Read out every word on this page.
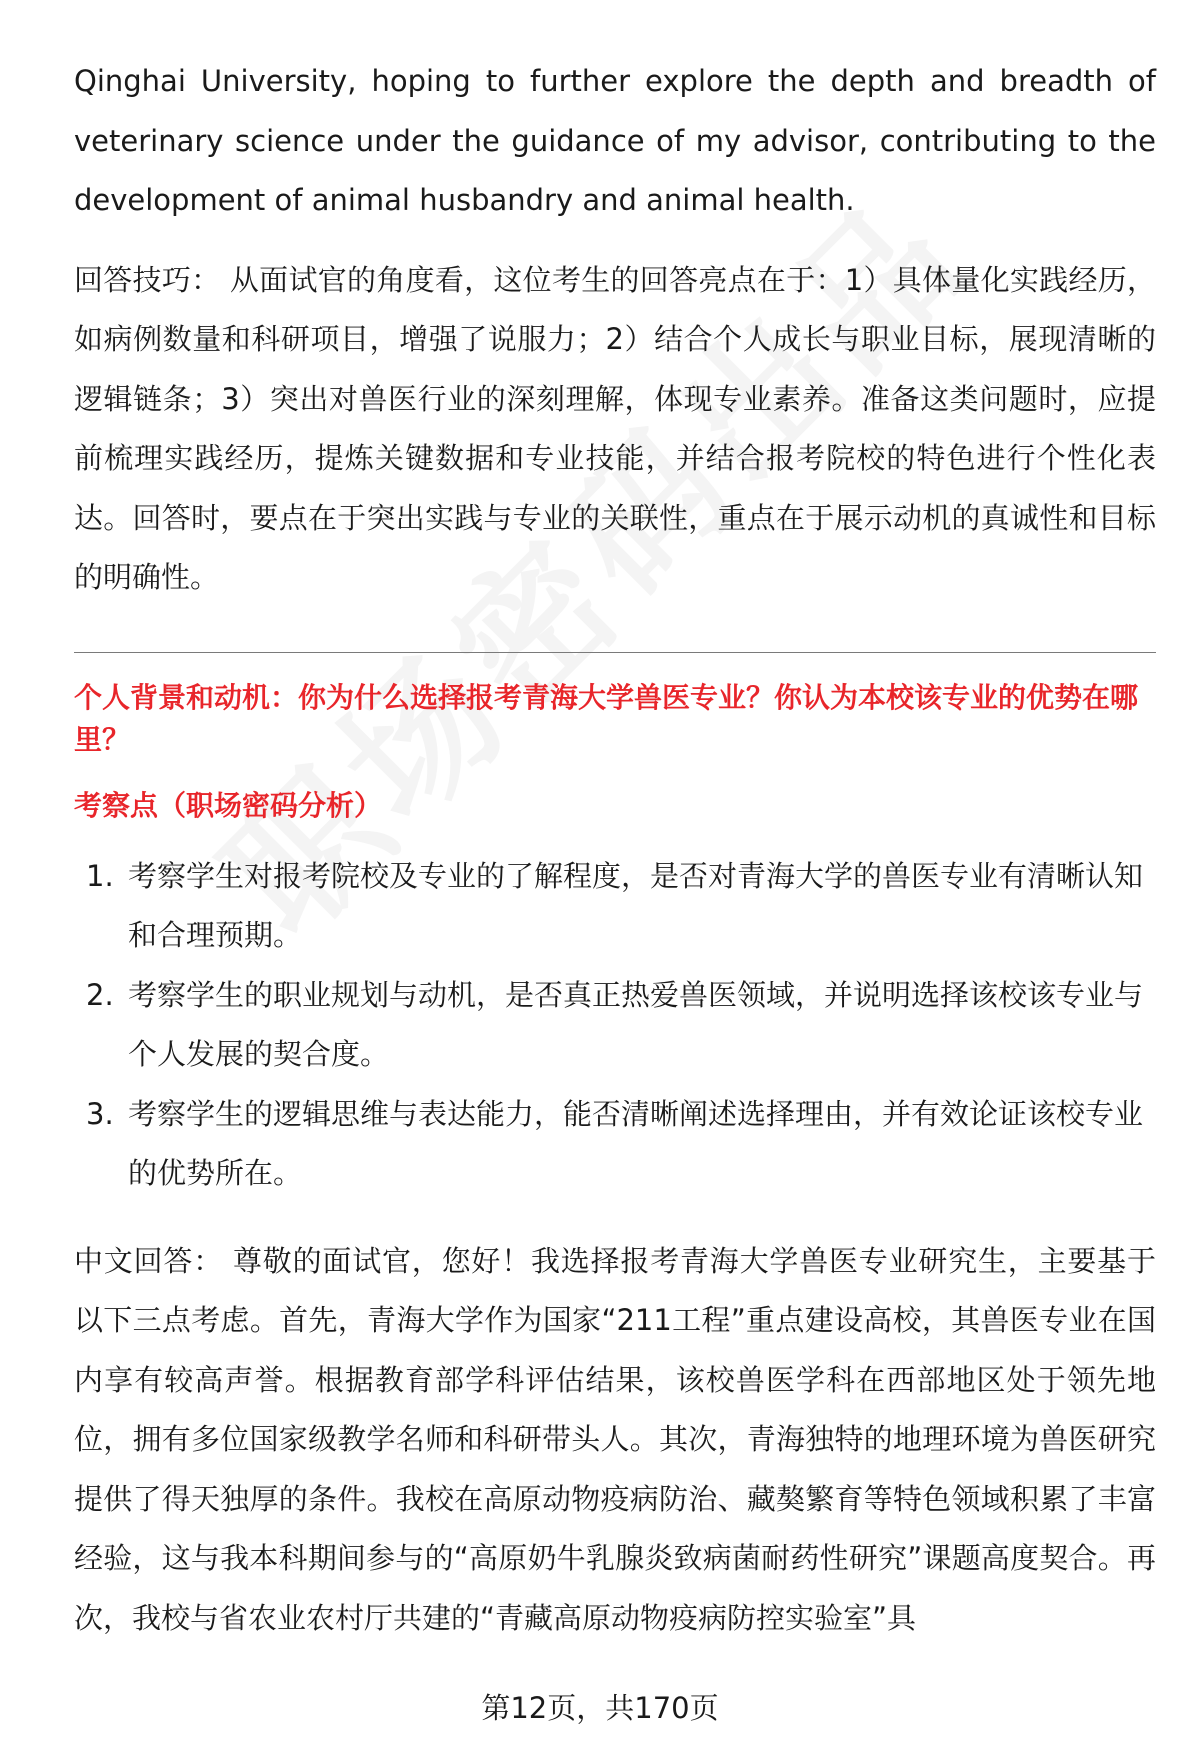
Qinghai University, hoping to further explore the depth and breadth of veterinary science under the guidance of my advisor, contributing to the development of animal husbandry and animal health.

回答技巧： 从面试官的角度看，这位考生的回答亮点在于：1）具体量化实践经历，如病例数量和科研项目，增强了说服力；2）结合个人成长与职业目标，展现清晰的逻辑链条；3）突出对兽医行业的深刻理解，体现专业素养。准备这类问题时，应提前梳理实践经历，提炼关键数据和专业技能，并结合报考院校的特色进行个性化表达。回答时，要点在于突出实践与专业的关联性，重点在于展示动机的真诚性和目标的明确性。

个人背景和动机：你为什么选择报考青海大学兽医专业？你认为本校该专业的优势在哪里？

考察点（职场密码分析）

1. 考察学生对报考院校及专业的了解程度，是否对青海大学的兽医专业有清晰认知和合理预期。
2. 考察学生的职业规划与动机，是否真正热爱兽医领域，并说明选择该校该专业与个人发展的契合度。
3. 考察学生的逻辑思维与表达能力，能否清晰阐述选择理由，并有效论证该校专业的优势所在。

中文回答： 尊敬的面试官，您好！我选择报考青海大学兽医专业研究生，主要基于以下三点考虑。首先，青海大学作为国家“211工程”重点建设高校，其兽医专业在国内享有较高声誉。根据教育部学科评估结果，该校兽医学科在西部地区处于领先地位，拥有多位国家级教学名师和科研带头人。其次，青海独特的地理环境为兽医研究提供了得天独厚的条件。我校在高原动物疫病防治、藏獒繁育等特色领域积累了丰富经验，这与我本科期间参与的“高原奶牛乳腺炎致病菌耐药性研究”课题高度契合。再次，我校与省农业农村厅共建的“青藏高原动物疫病防控实验室”具

第12页，共170页
